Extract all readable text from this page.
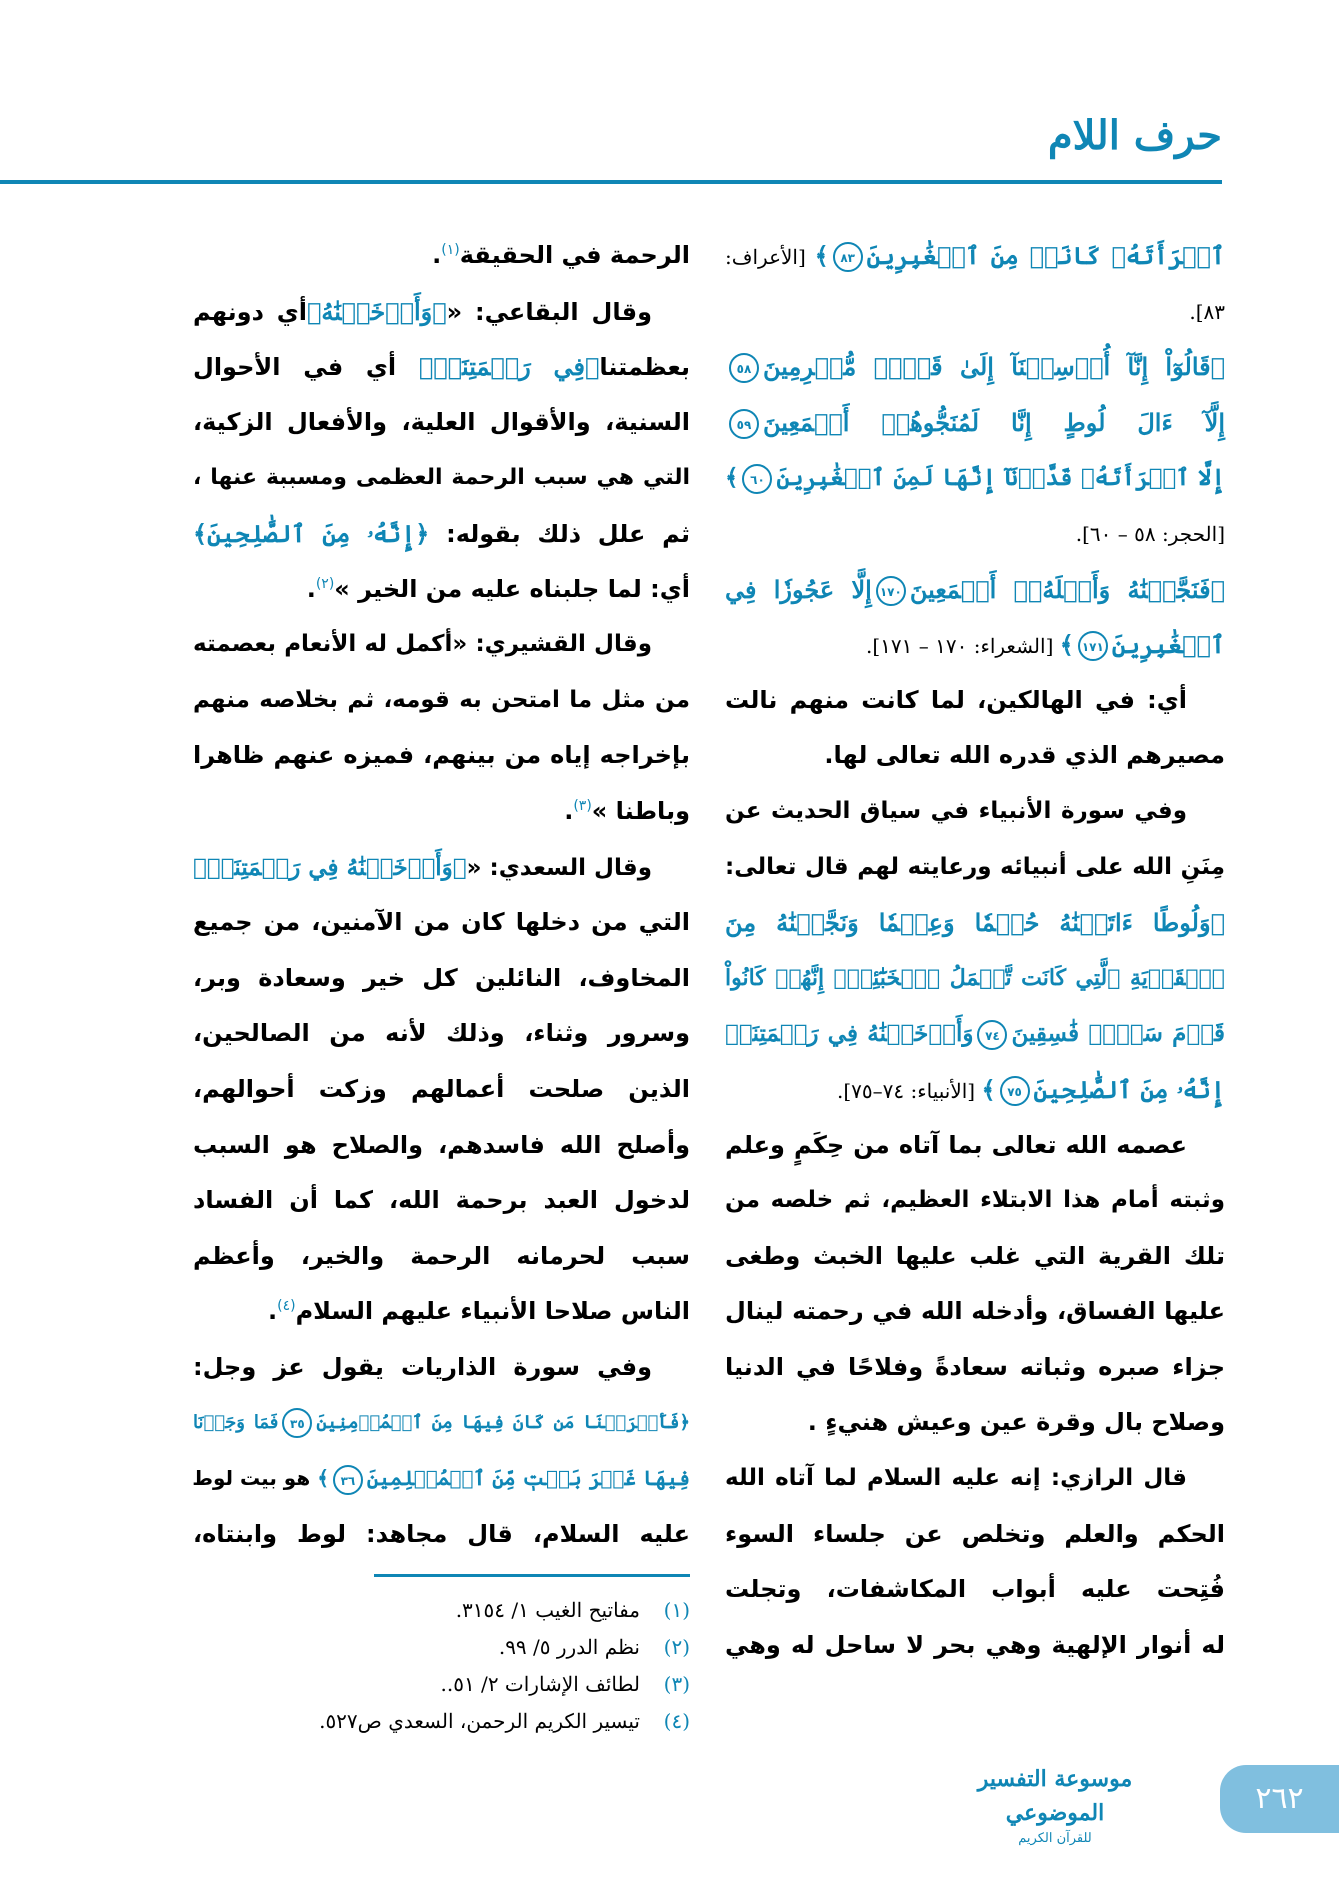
حرف اللام
ٱمۡرَأَتَهُۥ كَانَتۡ مِنَ ٱلۡغَٰبِرِينَ٨٣﴾ [الأعراف:
٨٣].
﴿قَالُوٓاْ إِنَّآ أُرۡسِلۡنَآ إِلَىٰ قَوۡمٖ مُّجۡرِمِينَ٥٨
إِلَّآ ءَالَ لُوطٍ إِنَّا لَمُنَجُّوهُمۡ أَجۡمَعِينَ٥٩
إِلَّا ٱمۡرَأَتَهُۥ قَدَّرۡنَآ إِنَّهَا لَمِنَ ٱلۡغَٰبِرِينَ٦٠﴾
[الحجر: ٥٨ – ٦٠].
﴿فَنَجَّيۡنَٰهُ وَأَهۡلَهُۥٓ أَجۡمَعِينَ١٧٠إِلَّا عَجُوزٗا فِي
ٱلۡغَٰبِرِينَ١٧١﴾ [الشعراء: ١٧٠ – ١٧١].
أي: في الهالكين، لما كانت منهم نالت
مصيرهم الذي قدره الله تعالى لها.
وفي سورة الأنبياء في سياق الحديث عن
مِنَنِ الله على أنبيائه ورعايته لهم قال تعالى:
﴿وَلُوطًا ءَاتَيۡنَٰهُ حُكۡمٗا وَعِلۡمٗا وَنَجَّيۡنَٰهُ مِنَ
ٱلۡقَرۡيَةِ ٱلَّتِي كَانَت تَّعۡمَلُ ٱلۡخَبَٰٓئِثَۚ إِنَّهُمۡ كَانُواْ
قَوۡمَ سَوۡءٖ فَٰسِقِينَ٧٤وَأَدۡخَلۡنَٰهُ فِي رَحۡمَتِنَآۖ
إِنَّهُۥ مِنَ ٱلصَّٰلِحِينَ٧٥﴾ [الأنبياء: ٧٤–٧٥].
عصمه الله تعالى بما آتاه من حِكَمٍ وعلم
وثبته أمام هذا الابتلاء العظيم، ثم خلصه من
تلك القرية التي غلب عليها الخبث وطغى
عليها الفساق، وأدخله الله في رحمته لينال
جزاء صبره وثباته سعادةً وفلاحًا في الدنيا
وصلاح بال وقرة عين وعيش هنيءٍ .
قال الرازي: إنه عليه السلام لما آتاه الله
الحكم والعلم وتخلص عن جلساء السوء
فُتِحت عليه أبواب المكاشفات، وتجلت
له أنوار الإلهية وهي بحر لا ساحل له وهي
الرحمة في الحقيقة$^{(١)}$.
وقال البقاعي: «﴿وَأَدۡخَلۡنَٰهُ﴾أي دونهم
بعظمتنا﴿فِي رَحۡمَتِنَآۖ﴾ أي في الأحوال
السنية، والأقوال العلية، والأفعال الزكية،
التي هي سبب الرحمة العظمى ومسببة عنها ،
ثم علل ذلك بقوله: ﴿إِنَّهُۥ مِنَ ٱلصَّٰلِحِينَ﴾
أي: لما جلبناه عليه من الخير »$^{(٢)}$.
وقال القشيري: «أكمل له الأنعام بعصمته
من مثل ما امتحن به قومه، ثم بخلاصه منهم
بإخراجه إياه من بينهم، فميزه عنهم ظاهرا
وباطنا »$^{(٣)}$.
وقال السعدي: «﴿وَأَدۡخَلۡنَٰهُ فِي رَحۡمَتِنَآۖ﴾
التي من دخلها كان من الآمنين، من جميع
المخاوف، النائلين كل خير وسعادة وبر،
وسرور وثناء، وذلك لأنه من الصالحين،
الذين صلحت أعمالهم وزكت أحوالهم،
وأصلح الله فاسدهم، والصلاح هو السبب
لدخول العبد برحمة الله، كما أن الفساد
سبب لحرمانه الرحمة والخير، وأعظم
الناس صلاحا الأنبياء عليهم السلام$^{(٤)}$.
وفي سورة الذاريات يقول عز وجل:
﴿فَأَخۡرَجۡنَا مَن كَانَ فِيهَا مِنَ ٱلۡمُؤۡمِنِينَ٣٥فَمَا وَجَدۡنَا
فِيهَا غَيۡرَ بَيۡتٖ مِّنَ ٱلۡمُسۡلِمِينَ٣٦﴾ هو بيت لوط
عليه السلام، قال مجاهد: لوط وابنتاه،
(١)مفاتيح الغيب ١/ ٣١٥٤.
(٢)نظم الدرر ٥/ ٩٩.
(٣)لطائف الإشارات ٢/ ٥١..
(٤)تيسير الكريم الرحمن، السعدي ص٥٢٧.
موسوعة التفسير الموضوعي
للقرآن الكريم
٢٦٢
